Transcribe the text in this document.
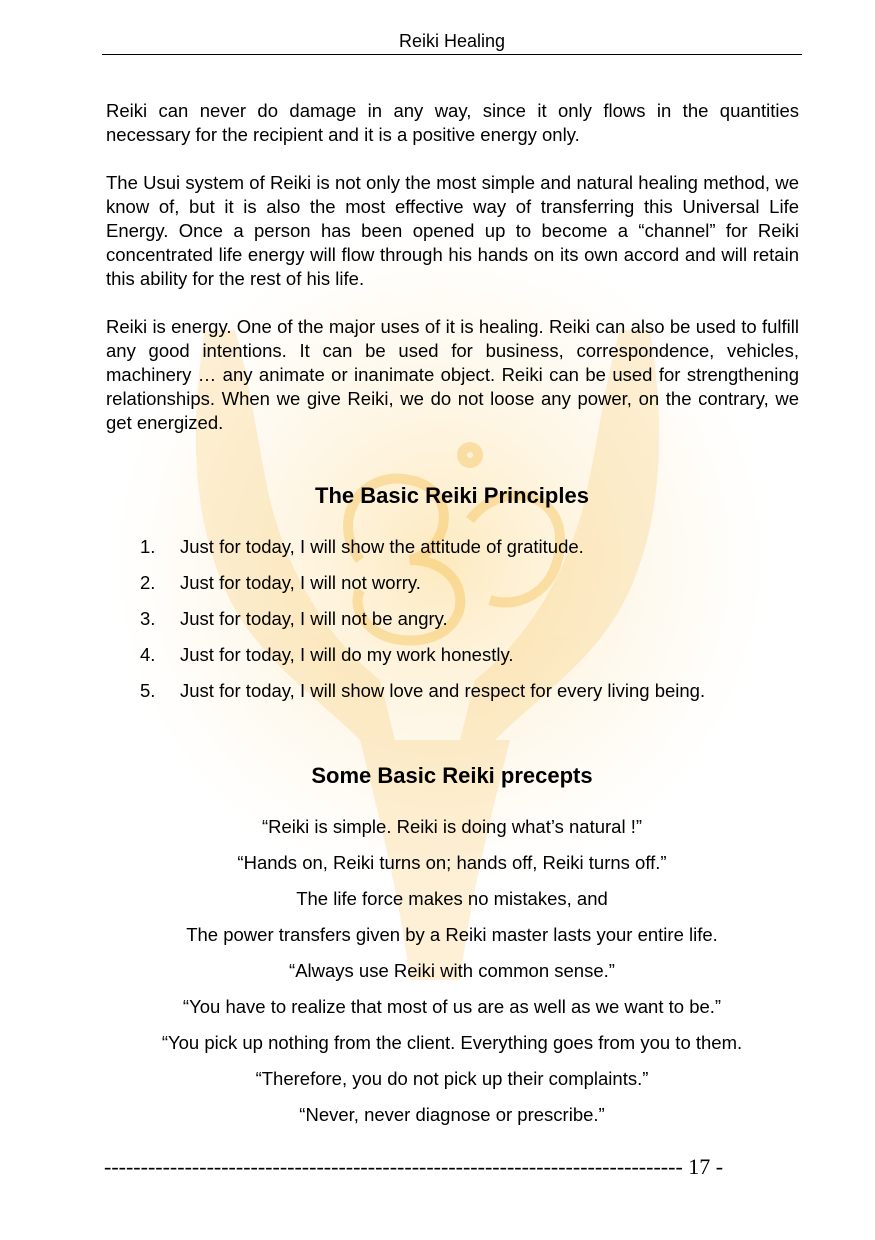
Reiki Healing

Reiki can never do damage in any way, since it only flows in the quantities necessary for the recipient and it is a positive energy only.

The Usui system of Reiki is not only the most simple and natural healing method, we know of, but it is also the most effective way of transferring this Universal Life Energy. Once a person has been opened up to become a “channel” for Reiki concentrated life energy will flow through his hands on its own accord and will retain this ability for the rest of his life.

Reiki is energy. One of the major uses of it is healing. Reiki can also be used to fulfill any good intentions. It can be used for business, correspondence, vehicles, machinery … any animate or inanimate object. Reiki can be used for strengthening relationships. When we give Reiki, we do not loose any power, on the contrary, we get energized.

The Basic Reiki Principles
1.	Just for today, I will show the attitude of gratitude.
2.	Just for today, I will not worry.
3.	Just for today, I will not be angry.
4.	Just for today, I will do my work honestly.
5.	Just for today, I will show love and respect for every living being.
Some Basic Reiki precepts
“Reiki is simple. Reiki is doing what’s natural !”
“Hands on, Reiki turns on; hands off, Reiki turns off.”
The life force makes no mistakes, and
The power transfers given by a Reiki master lasts your entire life.
“Always use Reiki with common sense.”
“You have to realize that most of us are as well as we want to be.”
“You pick up nothing from the client. Everything goes from you to them.
“Therefore, you do not pick up their complaints.”
“Never, never diagnose or prescribe.”
------------------------------------------------------------------------------- 17 -
